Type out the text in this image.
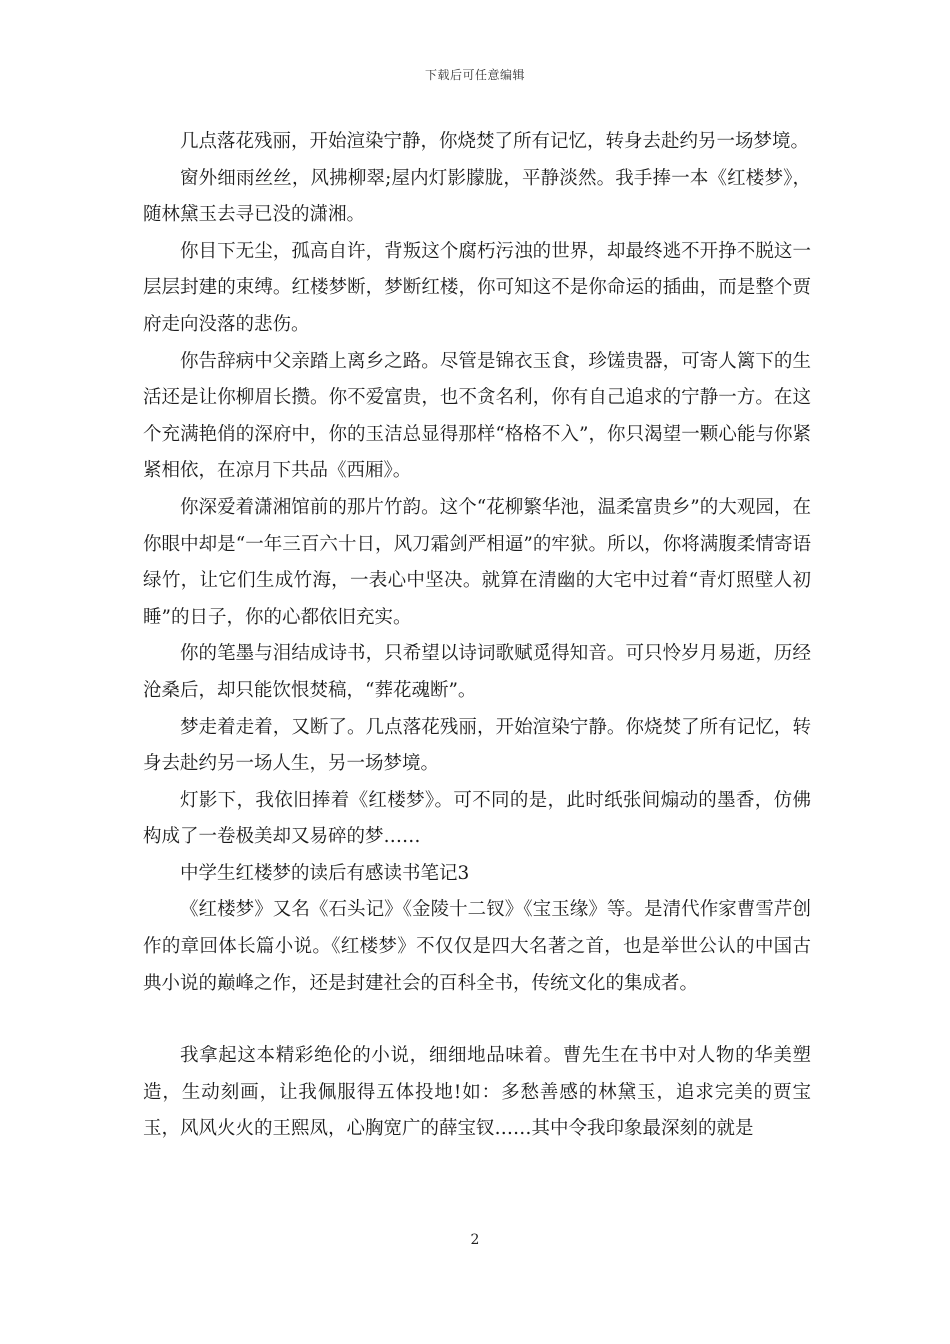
下载后可任意编辑

几点落花残丽，开始渲染宁静，你烧焚了所有记忆，转身去赴约另一场梦境。

窗外细雨丝丝，风拂柳翠;屋内灯影朦胧，平静淡然。我手捧一本《红楼梦》，随林黛玉去寻已没的潇湘。

你目下无尘，孤高自许，背叛这个腐朽污浊的世界，却最终逃不开挣不脱这一层层封建的束缚。红楼梦断，梦断红楼，你可知这不是你命运的插曲，而是整个贾府走向没落的悲伤。

你告辞病中父亲踏上离乡之路。尽管是锦衣玉食，珍馐贵器，可寄人篱下的生活还是让你柳眉长攒。你不爱富贵，也不贪名利，你有自己追求的宁静一方。在这个充满艳俏的深府中，你的玉洁总显得那样“格格不入”，你只渴望一颗心能与你紧紧相依，在凉月下共品《西厢》。

你深爱着潇湘馆前的那片竹韵。这个“花柳繁华池，温柔富贵乡”的大观园，在你眼中却是“一年三百六十日，风刀霜剑严相逼”的牢狱。所以，你将满腹柔情寄语绿竹，让它们生成竹海，一表心中坚决。就算在清幽的大宅中过着“青灯照壁人初睡”的日子，你的心都依旧充实。

你的笔墨与泪结成诗书，只希望以诗词歌赋觅得知音。可只怜岁月易逝，历经沧桑后，却只能饮恨焚稿，“葬花魂断”。

梦走着走着，又断了。几点落花残丽，开始渲染宁静。你烧焚了所有记忆，转身去赴约另一场人生，另一场梦境。

灯影下，我依旧捧着《红楼梦》。可不同的是，此时纸张间煽动的墨香，仿佛构成了一卷极美却又易碎的梦……

中学生红楼梦的读后有感读书笔记3

《红楼梦》又名《石头记》《金陵十二钗》《宝玉缘》等。是清代作家曹雪芹创作的章回体长篇小说。《红楼梦》不仅仅是四大名著之首，也是举世公认的中国古典小说的巅峰之作，还是封建社会的百科全书，传统文化的集成者。

我拿起这本精彩绝伦的小说，细细地品味着。曹先生在书中对人物的华美塑造，生动刻画，让我佩服得五体投地!如：多愁善感的林黛玉，追求完美的贾宝玉，风风火火的王熙凤，心胸宽广的薛宝钗……其中令我印象最深刻的就是

2
